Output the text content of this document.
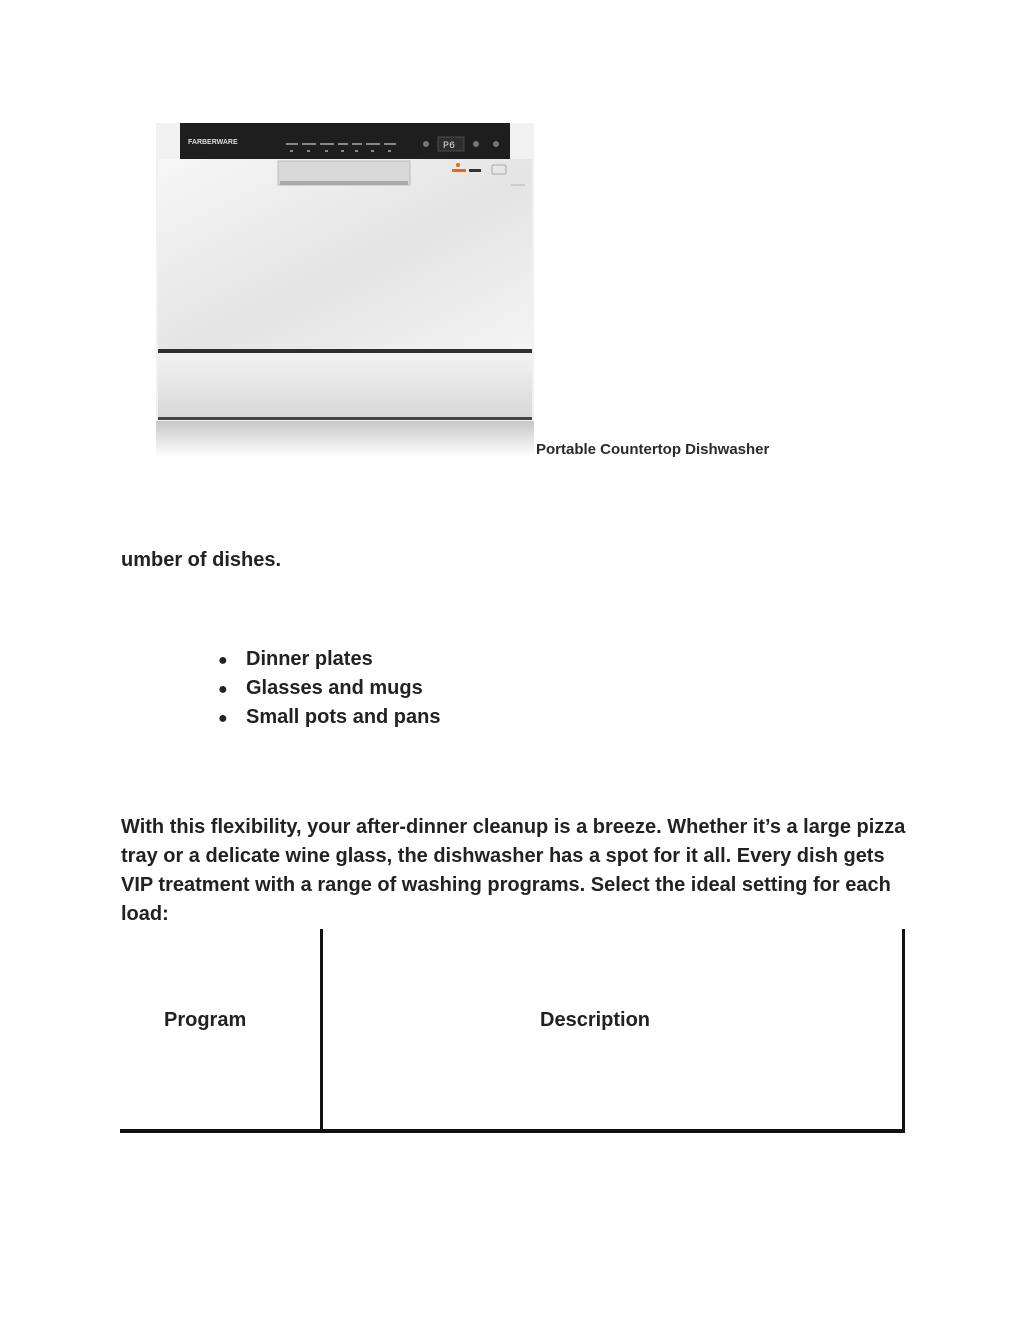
FARBERWARE	P6
Portable Countertop Dishwasher
umber of dishes.
● Dinner plates
● Glasses and mugs
● Small pots and pans

With this flexibility, your after-dinner cleanup is a breeze. Whether it’s a large pizza tray or a delicate wine glass, the dishwasher has a spot for it all. Every dish gets VIP treatment with a range of washing programs. Select the ideal setting for each load:

Program	Description
